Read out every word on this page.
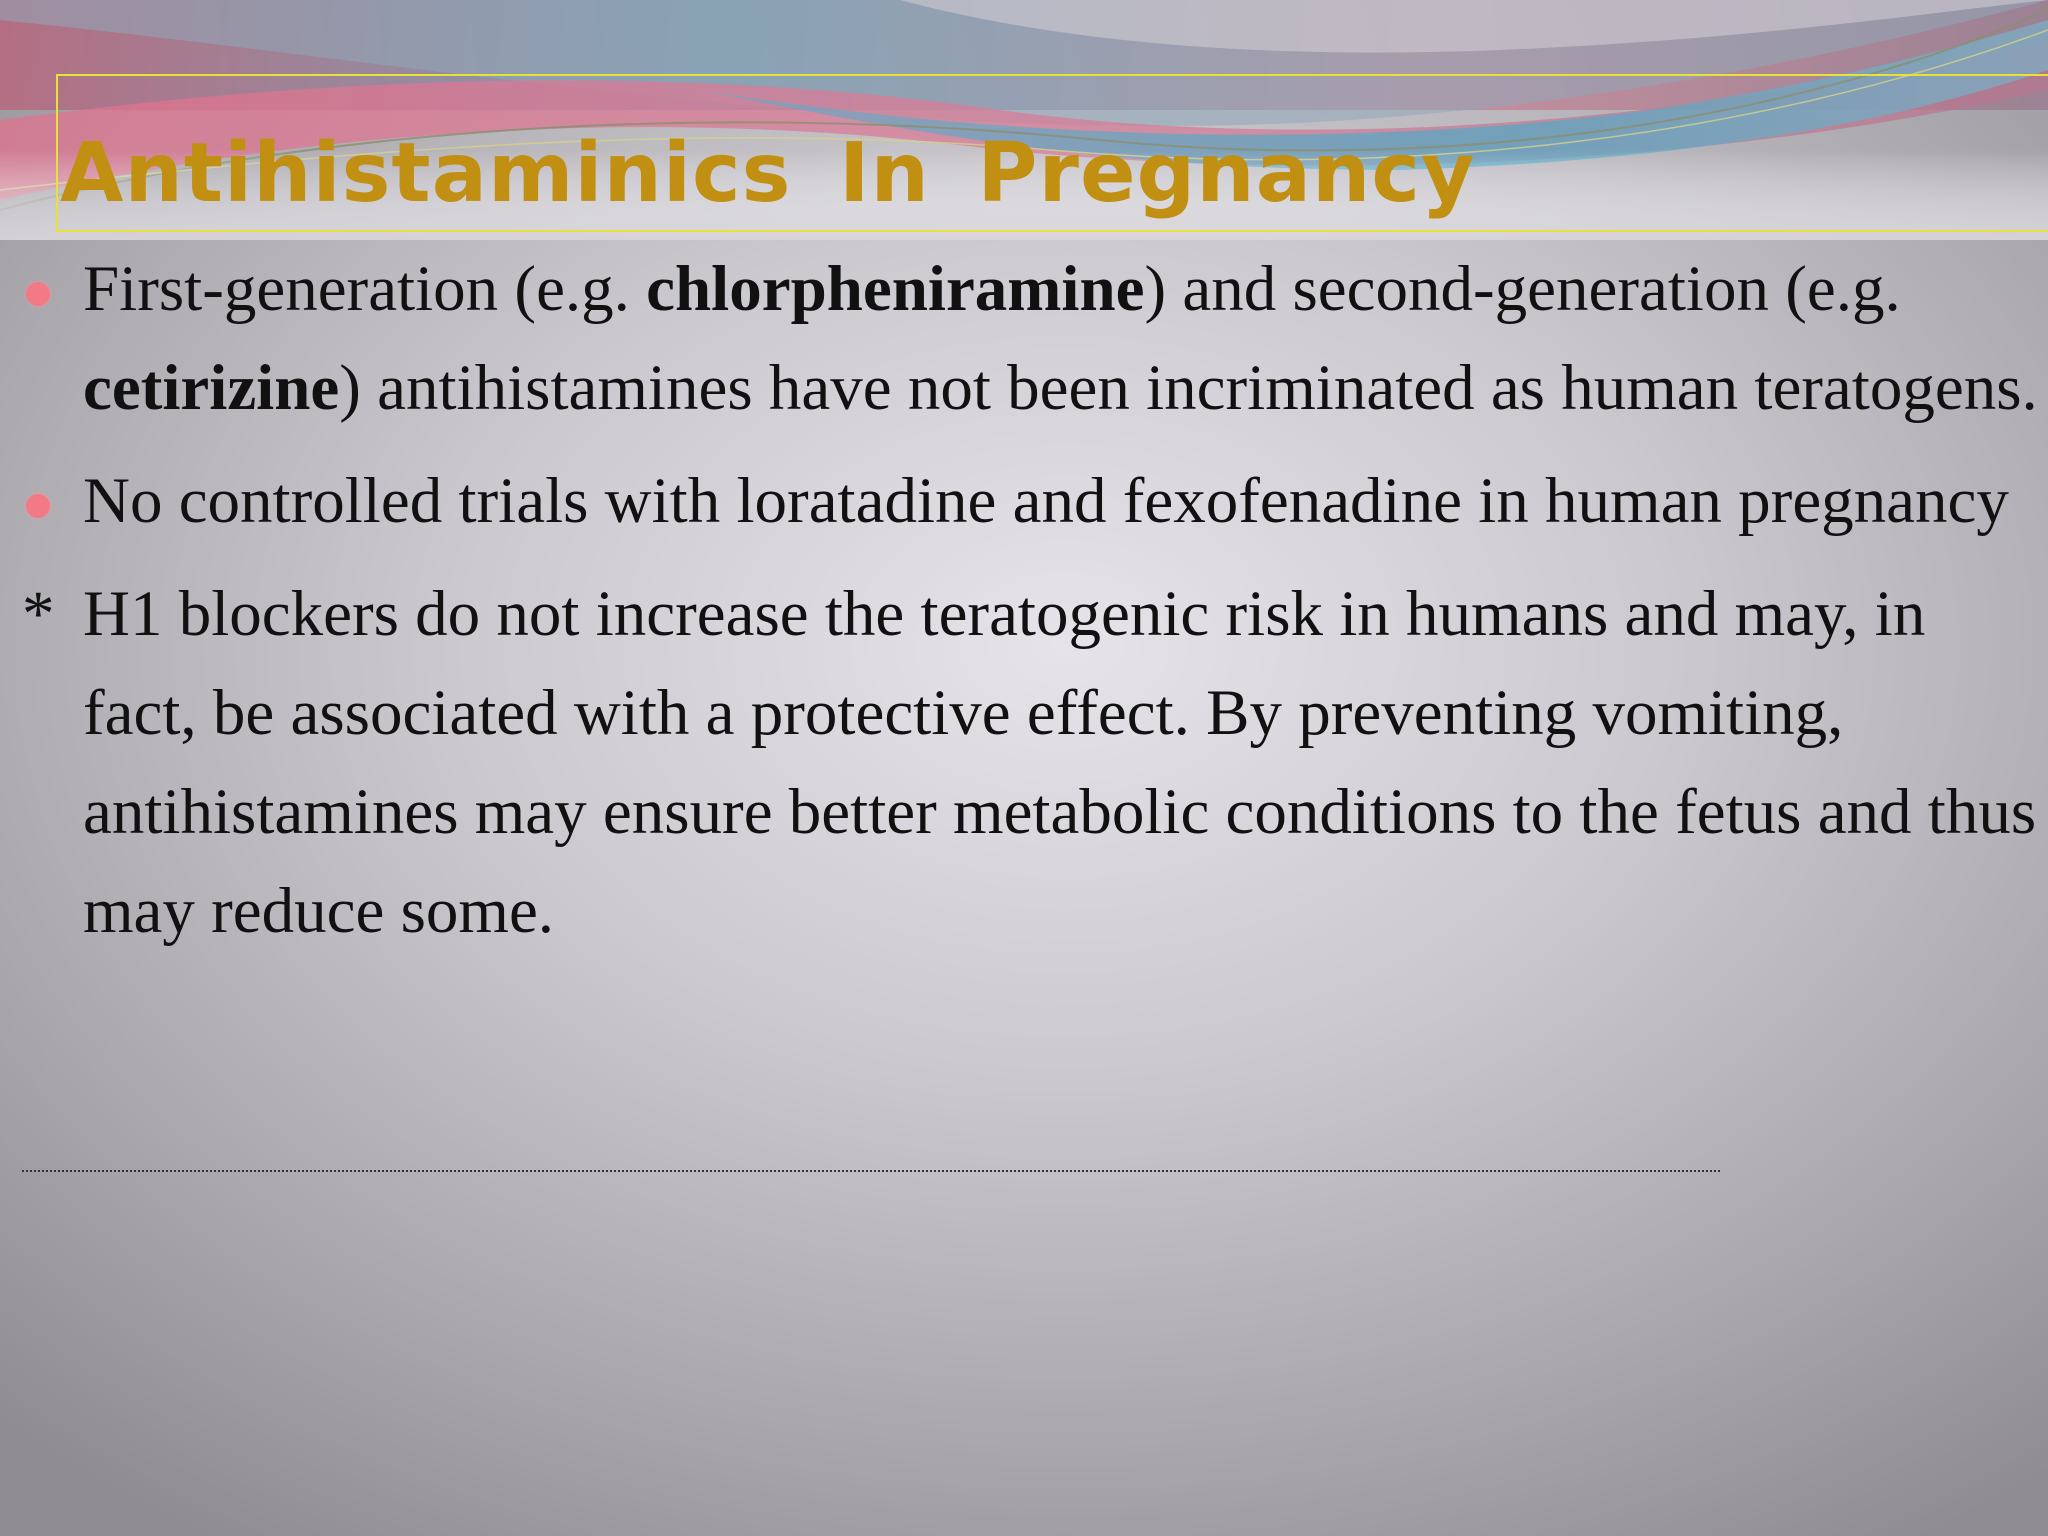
Antihistaminics In Pregnancy

First-generation (e.g. chlorpheniramine) and second-generation (e.g. cetirizine) antihistamines have not been incriminated as human teratogens.

No controlled trials with loratadine and fexofenadine in human pregnancy

* H1 blockers do not increase the teratogenic risk in humans and may, in fact, be associated with a protective effect. By preventing vomiting, antihistamines may ensure better metabolic conditions to the fetus and thus may reduce some.
